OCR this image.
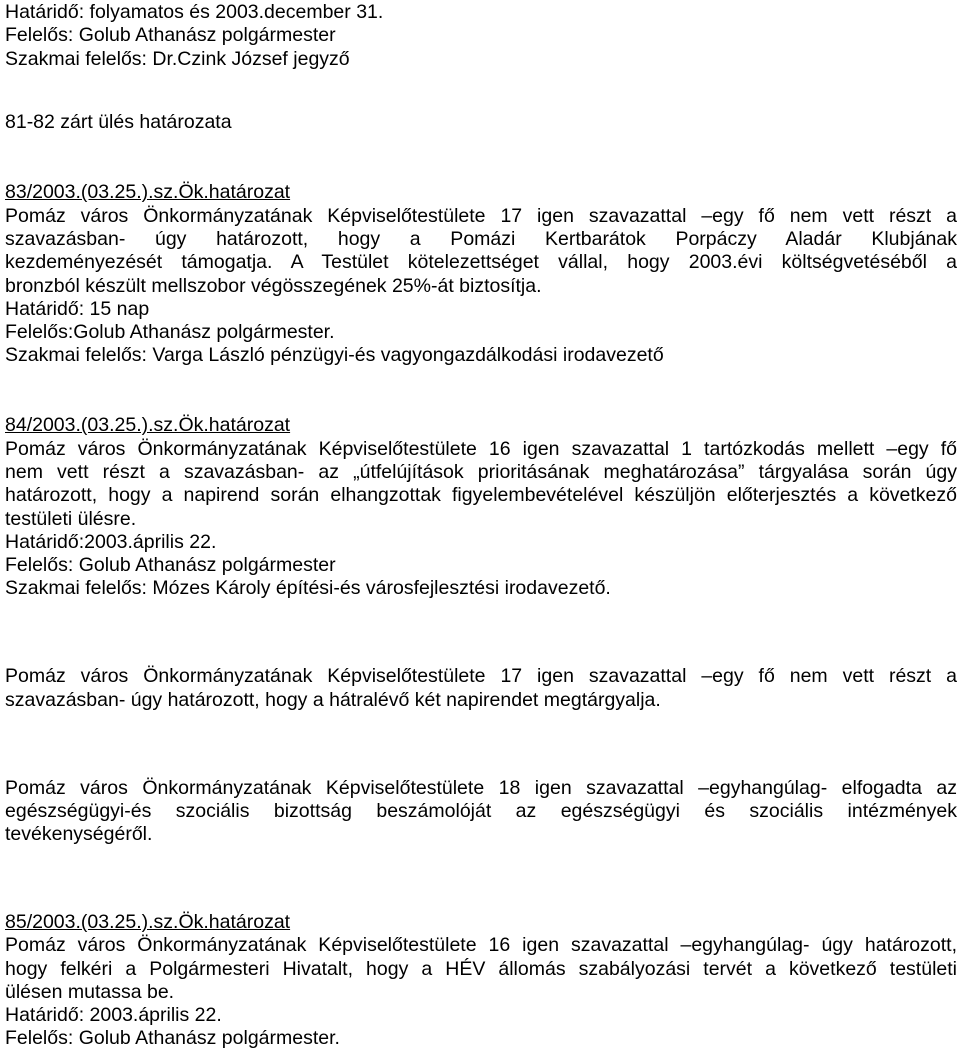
Határidő: folyamatos és 2003.december 31.
Felelős: Golub Athanász polgármester
Szakmai felelős: Dr.Czink József jegyző
81-82 zárt ülés határozata
83/2003.(03.25.).sz.Ök.határozat
Pomáz város Önkormányzatának Képviselőtestülete 17 igen szavazattal –egy fő nem vett részt a
szavazásban- úgy határozott, hogy a Pomázi Kertbarátok Porpáczy Aladár Klubjának
kezdeményezését támogatja. A Testület kötelezettséget vállal, hogy 2003.évi költségvetéséből a
bronzból készült mellszobor végösszegének 25%-át biztosítja.
Határidő: 15 nap
Felelős:Golub Athanász polgármester.
Szakmai felelős: Varga László pénzügyi-és vagyongazdálkodási irodavezető
84/2003.(03.25.).sz.Ök.határozat
Pomáz város Önkormányzatának Képviselőtestülete 16 igen szavazattal 1 tartózkodás mellett –egy fő
nem vett részt a szavazásban- az „útfelújítások prioritásának meghatározása” tárgyalása során úgy
határozott, hogy a napirend során elhangzottak figyelembevételével készüljön előterjesztés a következő
testületi ülésre.
Határidő:2003.április 22.
Felelős: Golub Athanász polgármester
Szakmai felelős: Mózes Károly építési-és városfejlesztési irodavezető.
Pomáz város Önkormányzatának Képviselőtestülete 17 igen szavazattal –egy fő nem vett részt a
szavazásban- úgy határozott, hogy a hátralévő két napirendet megtárgyalja.
Pomáz város Önkormányzatának Képviselőtestülete 18 igen szavazattal –egyhangúlag- elfogadta az
egészségügyi-és szociális bizottság beszámolóját az egészségügyi és szociális intézmények
tevékenységéről.
85/2003.(03.25.).sz.Ök.határozat
Pomáz város Önkormányzatának Képviselőtestülete 16 igen szavazattal –egyhangúlag- úgy határozott,
hogy felkéri a Polgármesteri Hivatalt, hogy a HÉV állomás szabályozási tervét a következő testületi
ülésen mutassa be.
Határidő: 2003.április 22.
Felelős: Golub Athanász polgármester.
